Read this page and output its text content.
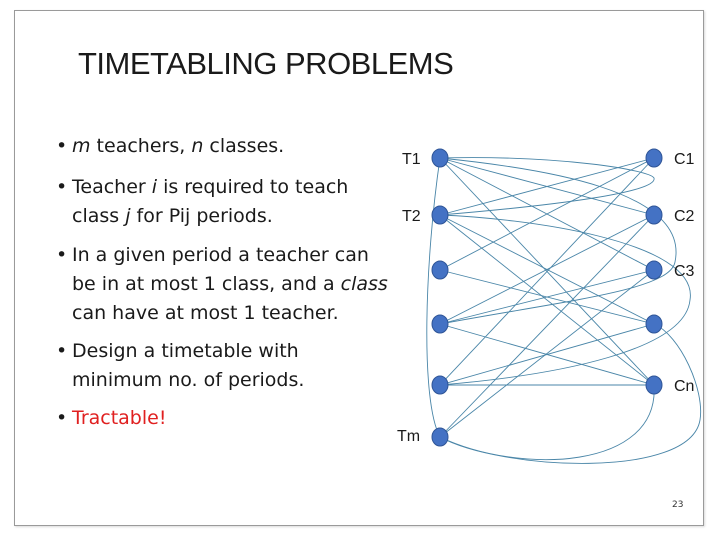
TIMETABLING PROBLEMS
• m teachers, n classes.
• Teacher i is required to teach
class j for Pij periods.
• In a given period a teacher can
be in at most 1 class, and a class
can have at most 1 teacher.
• Design a timetable with
minimum no. of periods.
• Tractable!
T1
T2
Tm
C1
C2
C3
Cn
23
